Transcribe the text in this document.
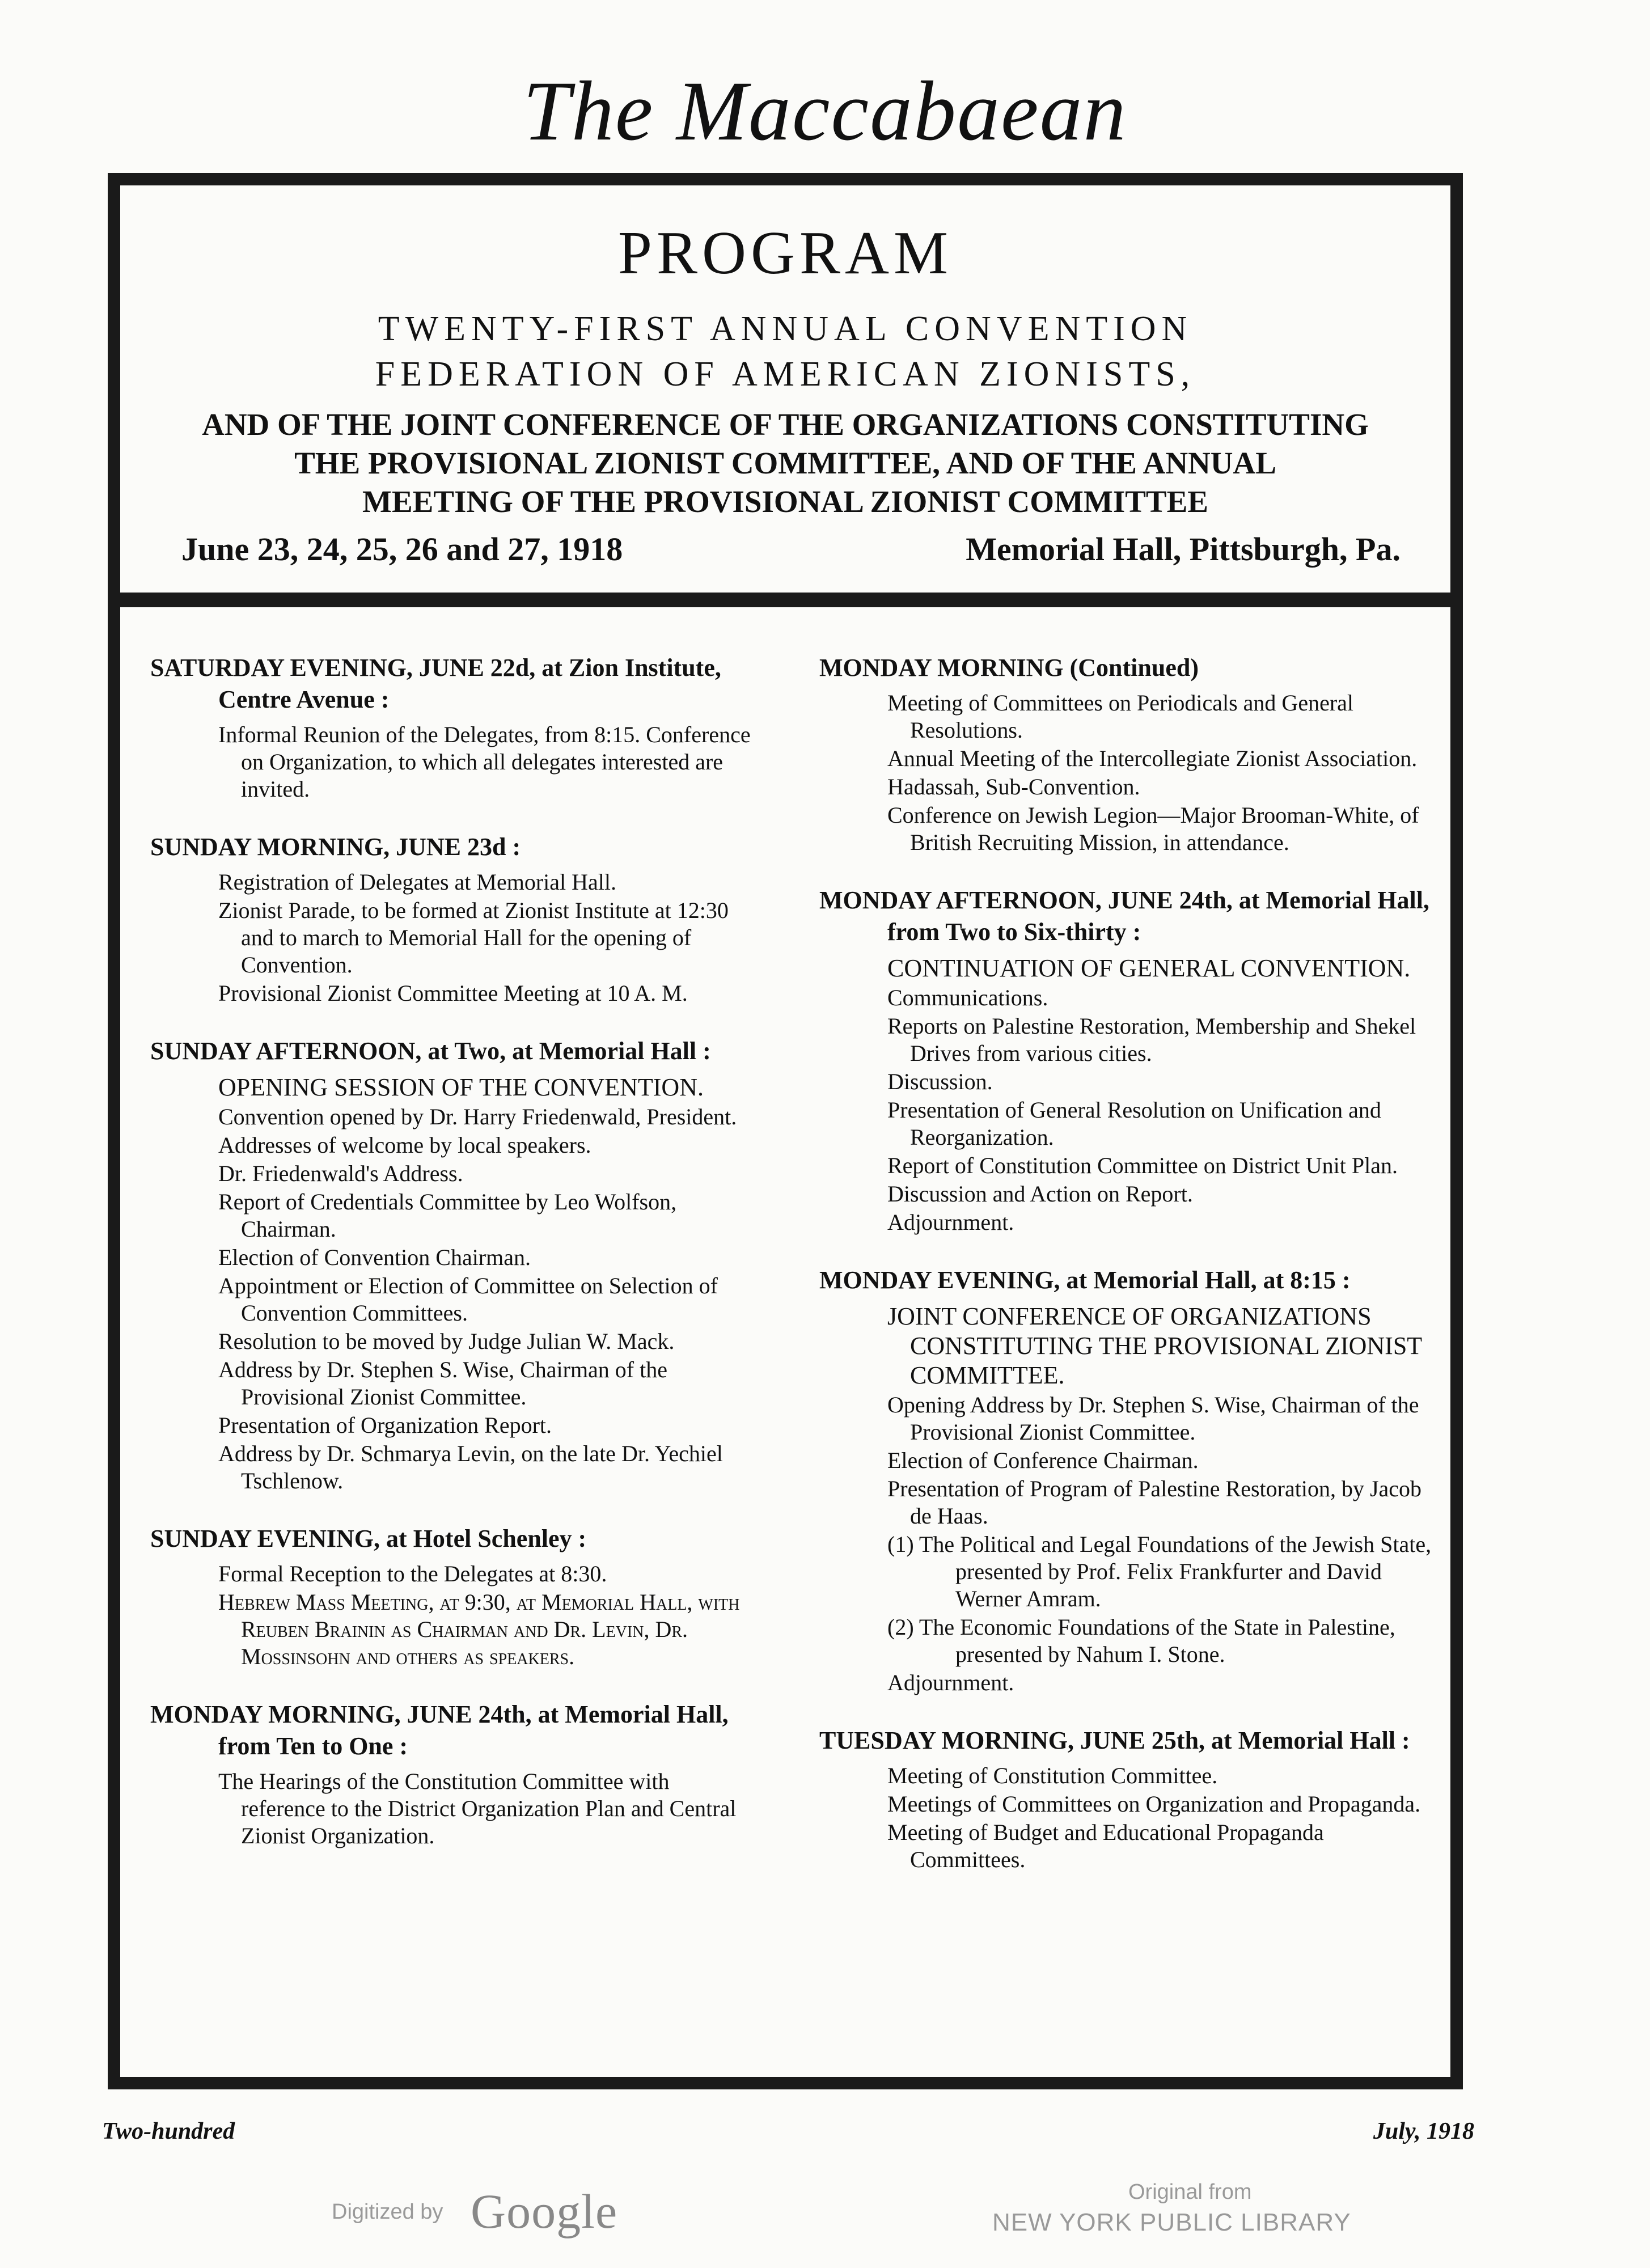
The Maccabaean
PROGRAM
TWENTY-FIRST ANNUAL CONVENTION
FEDERATION OF AMERICAN ZIONISTS,
AND OF THE JOINT CONFERENCE OF THE ORGANIZATIONS CONSTITUTING
THE PROVISIONAL ZIONIST COMMITTEE, AND OF THE ANNUAL
MEETING OF THE PROVISIONAL ZIONIST COMMITTEE
June 23, 24, 25, 26 and 27, 1918	Memorial Hall, Pittsburgh, Pa.
SATURDAY EVENING, JUNE 22d, at Zion Institute, Centre Avenue :
Informal Reunion of the Delegates, from 8:15. Conference on Organization, to which all delegates interested are invited.
SUNDAY MORNING, JUNE 23d :
Registration of Delegates at Memorial Hall.
Zionist Parade, to be formed at Zionist Institute at 12:30 and to march to Memorial Hall for the opening of Convention.
Provisional Zionist Committee Meeting at 10 A. M.
SUNDAY AFTERNOON, at Two, at Memorial Hall :
OPENING SESSION OF THE CONVENTION.
Convention opened by Dr. Harry Friedenwald, President.
Addresses of welcome by local speakers.
Dr. Friedenwald's Address.
Report of Credentials Committee by Leo Wolfson, Chairman.
Election of Convention Chairman.
Appointment or Election of Committee on Selection of Convention Committees.
Resolution to be moved by Judge Julian W. Mack.
Address by Dr. Stephen S. Wise, Chairman of the Provisional Zionist Committee.
Presentation of Organization Report.
Address by Dr. Schmarya Levin, on the late Dr. Yechiel Tschlenow.
SUNDAY EVENING, at Hotel Schenley :
Formal Reception to the Delegates at 8:30.
Hebrew Mass Meeting, at 9:30, at Memorial Hall, with Reuben Brainin as Chairman and Dr. Levin, Dr. Mossinsohn and others as speakers.
MONDAY MORNING, JUNE 24th, at Memorial Hall, from Ten to One :
The Hearings of the Constitution Committee with reference to the District Organization Plan and Central Zionist Organization.
MONDAY MORNING (Continued)
Meeting of Committees on Periodicals and General Resolutions.
Annual Meeting of the Intercollegiate Zionist Association.
Hadassah, Sub-Convention.
Conference on Jewish Legion—Major Brooman-White, of British Recruiting Mission, in attendance.
MONDAY AFTERNOON, JUNE 24th, at Memorial Hall, from Two to Six-thirty :
CONTINUATION OF GENERAL CONVENTION.
Communications.
Reports on Palestine Restoration, Membership and Shekel Drives from various cities.
Discussion.
Presentation of General Resolution on Unification and Reorganization.
Report of Constitution Committee on District Unit Plan.
Discussion and Action on Report.
Adjournment.
MONDAY EVENING, at Memorial Hall, at 8:15 :
JOINT CONFERENCE OF ORGANIZATIONS CONSTITUTING THE PROVISIONAL ZIONIST COMMITTEE.
Opening Address by Dr. Stephen S. Wise, Chairman of the Provisional Zionist Committee.
Election of Conference Chairman.
Presentation of Program of Palestine Restoration, by Jacob de Haas.
(1) The Political and Legal Foundations of the Jewish State, presented by Prof. Felix Frankfurter and David Werner Amram.
(2) The Economic Foundations of the State in Palestine, presented by Nahum I. Stone.
Adjournment.
TUESDAY MORNING, JUNE 25th, at Memorial Hall :
Meeting of Constitution Committee.
Meetings of Committees on Organization and Propaganda.
Meeting of Budget and Educational Propaganda Committees.
Two-hundred	July, 1918
Digitized by Google	Original from
NEW YORK PUBLIC LIBRARY
